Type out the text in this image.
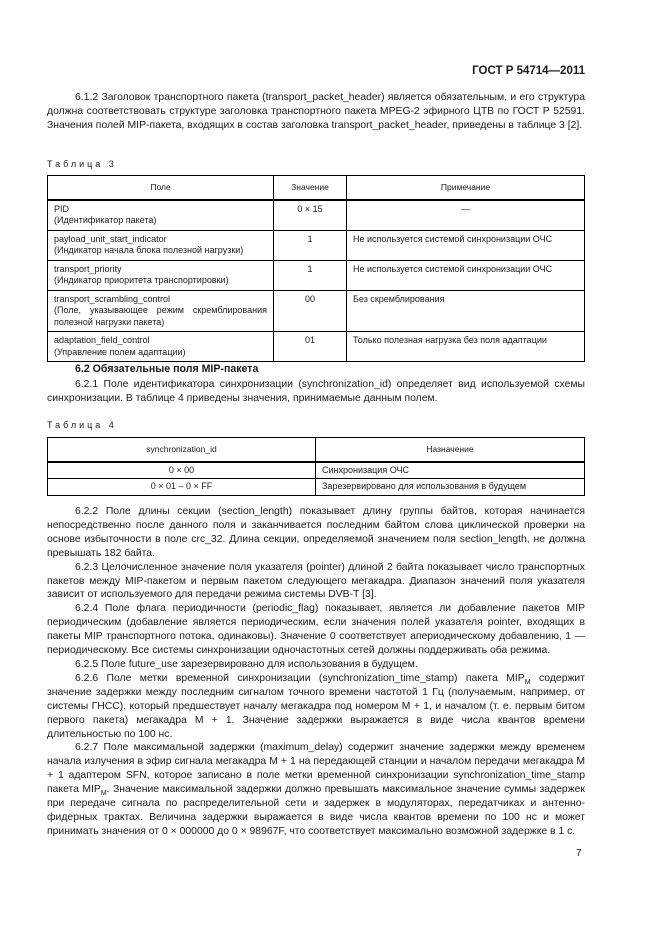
ГОСТ Р 54714—2011

6.1.2 Заголовок транспортного пакета (transport_packet_header) является обязательным, и его структура должна соответствовать структуре заголовка транспортного пакета MPEG-2 эфирного ЦТВ по ГОСТ Р 52591. Значения полей MIP-пакета, входящих в состав заголовка transport_packet_header, приведены в таблице 3 [2].

Таблица 3
Поле	Значение	Примечание

PID
(Идентификатор пакета)	0 × 15	—

payload_unit_start_indicator
(Индикатор начала блока полезной нагрузки)	1	Не используется системой синхронизации ОЧС

transport_priority
(Индикатор приоритета транспортировки)	1	Не используется системой синхронизации ОЧС

transport_scrambling_control
(Поле, указывающее режим скремблирования полезной нагрузки пакета)	00	Без скремблирования

adaptation_field_control
(Управление полем адаптации)	01	Только полезная нагрузка без поля адаптации
6.2 Обязательные поля MIP-пакета

6.2.1 Поле идентификатора синхронизации (synchronization_id) определяет вид используемой схемы синхронизации. В таблице 4 приведены значения, принимаемые данным полем.

Таблица 4
synchronization_id	Назначение
0 × 00	Синхронизация ОЧС
0 × 01 – 0 × FF	Зарезервировано для использования в будущем

6.2.2 Поле длины секции (section_length) показывает длину группы байтов, которая начинается непосредственно после данного поля и заканчивается последним байтом слова циклической проверки на основе избыточности в поле crc_32. Длина секции, определяемой значением поля section_length, не должна превышать 182 байта.

6.2.3 Целочисленное значение поля указателя (pointer) длиной 2 байта показывает число транспортных пакетов между MIP-пакетом и первым пакетом следующего мегакадра. Диапазон значений поля указателя зависит от используемого для передачи режима системы DVB-T [3].

6.2.4 Поле флага периодичности (periodic_flag) показывает, является ли добавление пакетов MIP периодическим (добавление является периодическим, если значения полей указателя pointer, входящих в пакеты MIP транспортного потока, одинаковы). Значение 0 соответствует апериодическому добавлению, 1 — периодическому. Все системы синхронизации одночастотных сетей должны поддерживать оба режима.

6.2.5 Поле future_use зарезервировано для использования в будущем.

6.2.6 Поле метки временной синхронизации (synchronization_time_stamp) пакета $MIP_M$ содержит значение задержки между последним сигналом точного времени частотой 1 Гц (получаемым, например, от системы ГНСС), который предшествует началу мегакадра под номером М + 1, и началом (т. е. первым битом первого пакета) мегакадра М + 1. Значение задержки выражается в виде числа квантов времени длительностью по 100 нс.

6.2.7 Поле максимальной задержки (maximum_delay) содержит значение задержки между временем начала излучения в эфир сигнала мегакадра М + 1 на передающей станции и началом передачи мегакадра М + 1 адаптером SFN, которое записано в поле метки временной синхронизации synchronization_time_stamp пакета $MIP_M$. Значение максимальной задержки должно превышать максимальное значение суммы задержек при передаче сигнала по распределительной сети и задержек в модуляторах, передатчиках и антенно-фидерных трактах. Величина задержки выражается в виде числа квантов времени по 100 нс и может принимать значения от 0 × 000000 до 0 × 98967F, что соответствует максимально возможной задержке в 1 с.

7
